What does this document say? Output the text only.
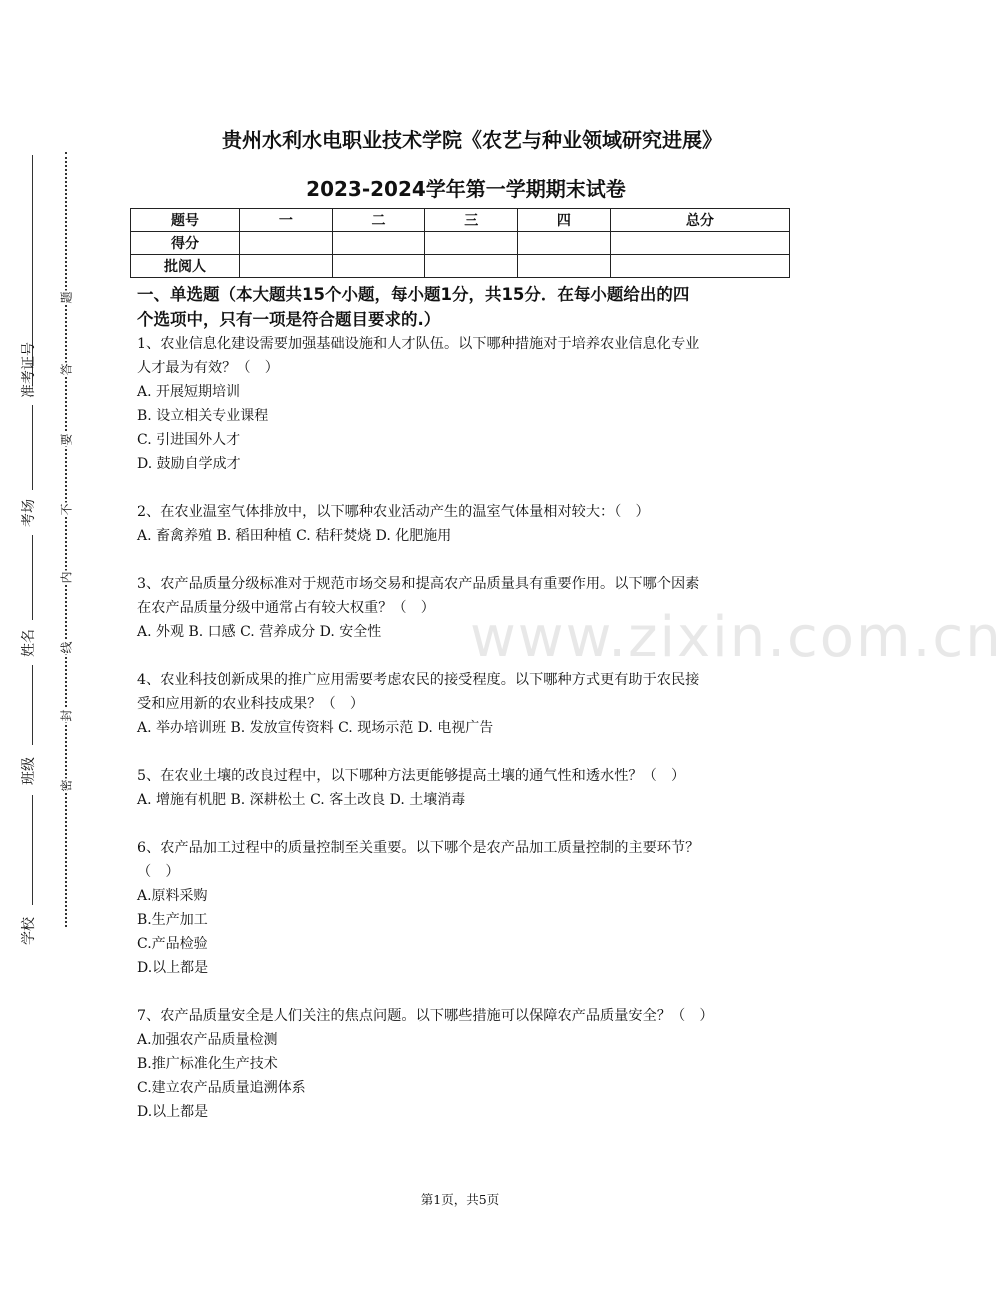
贵州水利水电职业技术学院《农艺与种业领域研究进展》
2023-2024学年第一学期期末试卷
题号	一	二	三	四	总分
得分					
批阅人					
准考证号
考场
姓名
班级
学校
题
答
要
不
内
线
封
密
www.zixin.com.cn

一、单选题（本大题共15个小题，每小题1分，共15分．在每小题给出的四

个选项中，只有一项是符合题目要求的.）

1、农业信息化建设需要加强基础设施和人才队伍。以下哪种措施对于培养农业信息化专业

人才最为有效？（　）

A. 开展短期培训

B. 设立相关专业课程

C. 引进国外人才

D. 鼓励自学成才

2、在农业温室气体排放中，以下哪种农业活动产生的温室气体量相对较大：（　）

A. 畜禽养殖 B. 稻田种植 C. 秸秆焚烧 D. 化肥施用

3、农产品质量分级标准对于规范市场交易和提高农产品质量具有重要作用。以下哪个因素

在农产品质量分级中通常占有较大权重？（　）

A. 外观 B. 口感 C. 营养成分 D. 安全性

4、农业科技创新成果的推广应用需要考虑农民的接受程度。以下哪种方式更有助于农民接

受和应用新的农业科技成果？（　）

A. 举办培训班 B. 发放宣传资料 C. 现场示范 D. 电视广告

5、在农业土壤的改良过程中，以下哪种方法更能够提高土壤的通气性和透水性？（　）

A. 增施有机肥 B. 深耕松土 C. 客土改良 D. 土壤消毒

6、农产品加工过程中的质量控制至关重要。以下哪个是农产品加工质量控制的主要环节？

（　）

A.原料采购

B.生产加工

C.产品检验

D.以上都是

7、农产品质量安全是人们关注的焦点问题。以下哪些措施可以保障农产品质量安全？（　）

A.加强农产品质量检测

B.推广标准化生产技术

C.建立农产品质量追溯体系

D.以上都是

第1页，共5页
